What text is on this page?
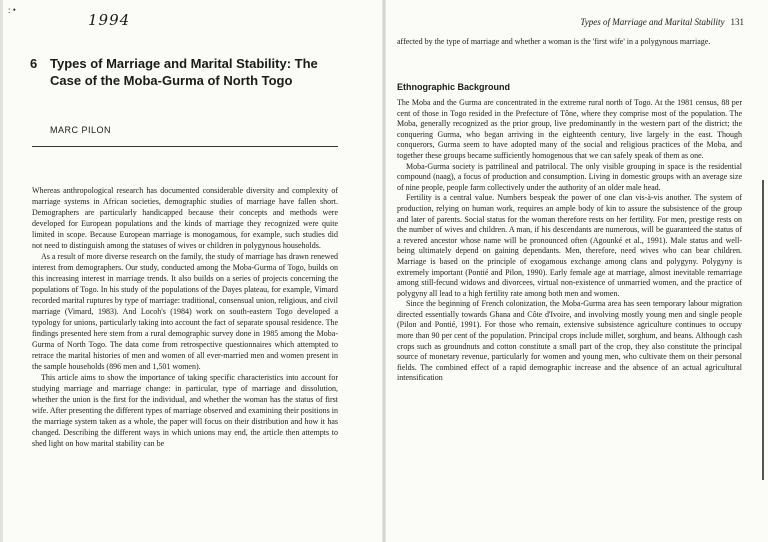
: •
1994
6 Types of Marriage and Marital Stability: The Case of the Moba-Gurma of North Togo
MARC PILON

Whereas anthropological research has documented considerable diversity and complexity of marriage systems in African societies, demographic studies of marriage have fallen short. Demographers are particularly handicapped because their concepts and methods were developed for European populations and the kinds of marriage they recognized were quite limited in scope. Because European marriage is monogamous, for example, such studies did not need to distinguish among the statuses of wives or children in polygynous households.

As a result of more diverse research on the family, the study of marriage has drawn renewed interest from demographers. Our study, conducted among the Moba-Gurma of Togo, builds on this increasing interest in marriage trends. It also builds on a series of projects concerning the populations of Togo. In his study of the populations of the Dayes plateau, for example, Vimard recorded marital ruptures by type of marriage: traditional, consensual union, religious, and civil marriage (Vimard, 1983). And Locoh's (1984) work on south-eastern Togo developed a typology for unions, particularly taking into account the fact of separate spousal residence. The findings presented here stem from a rural demographic survey done in 1985 among the Moba-Gurma of North Togo. The data come from retrospective questionnaires which attempted to retrace the marital histories of men and women of all ever-married men and women present in the sample households (896 men and 1,501 women).

This article aims to show the importance of taking specific characteristics into account for studying marriage and marriage change: in particular, type of marriage and dissolution, whether the union is the first for the individual, and whether the woman has the status of first wife. After presenting the different types of marriage observed and examining their positions in the marriage system taken as a whole, the paper will focus on their distribution and how it has changed. Describing the different ways in which unions may end, the article then attempts to shed light on how marital stability can be

Types of Marriage and Marital Stability 131
affected by the type of marriage and whether a woman is the 'first wife' in a polygynous marriage.
Ethnographic Background

The Moba and the Gurma are concentrated in the extreme rural north of Togo. At the 1981 census, 88 per cent of those in Togo resided in the Prefecture of Tône, where they comprise most of the population. The Moba, generally recognized as the prior group, live predominantly in the western part of the district; the conquering Gurma, who began arriving in the eighteenth century, live largely in the east. Though conquerors, Gurma seem to have adopted many of the social and religious practices of the Moba, and together these groups became sufficiently homogenous that we can safely speak of them as one.

Moba-Gurma society is patrilineal and patrilocal. The only visible grouping in space is the residential compound (naag), a focus of production and consumption. Living in domestic groups with an average size of nine people, people farm collectively under the authority of an older male head.

Fertility is a central value. Numbers bespeak the power of one clan vis-à-vis another. The system of production, relying on human work, requires an ample body of kin to assure the subsistence of the group and later of parents. Social status for the woman therefore rests on her fertility. For men, prestige rests on the number of wives and children. A man, if his descendants are numerous, will be guaranteed the status of a revered ancestor whose name will be pronounced often (Agounké et al., 1991). Male status and well-being ultimately depend on gaining dependants. Men, therefore, need wives who can bear children. Marriage is based on the principle of exogamous exchange among clans and polygyny. Polygyny is extremely important (Pontié and Pilon, 1990). Early female age at marriage, almost inevitable remarriage among still-fecund widows and divorcees, virtual non-existence of unmarried women, and the practice of polygyny all lead to a high fertility rate among both men and women.

Since the beginning of French colonization, the Moba-Gurma area has seen temporary labour migration directed essentially towards Ghana and Côte d'Ivoire, and involving mostly young men and single people (Pilon and Pontié, 1991). For those who remain, extensive subsistence agriculture continues to occupy more than 90 per cent of the population. Principal crops include millet, sorghum, and beans. Although cash crops such as groundnuts and cotton constitute a small part of the crop, they also constitute the principal source of monetary revenue, particularly for women and young men, who cultivate them on their personal fields. The combined effect of a rapid demographic increase and the absence of an actual agricultural intensification
